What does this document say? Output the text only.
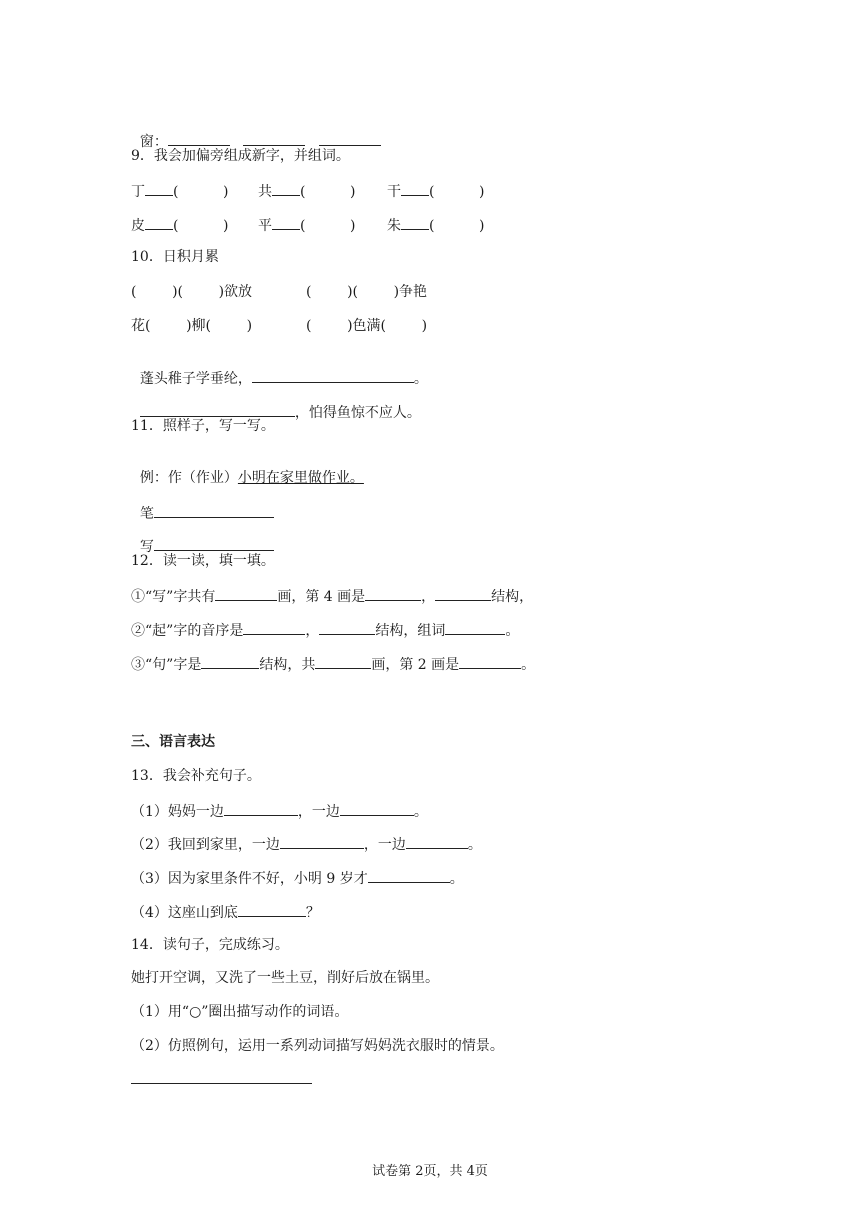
窗：

9．我会加偏旁组成新字，并组词。
丁 (          ) 共 (          ) 干 (          )
皮 (          ) 平 (          ) 朱 (          )
10．日积月累
(        )(        )欲放	(        )(        )争艳
花(        )柳(        )	(        )色满(        )

蓬头稚子学垂纶，	。

，怕得鱼惊不应人。

11．照样子，写一写。

例：作（作业）小明在家里做作业。

笔

写

12．读一读，填一填。
①“写”字共有	画，第 4 画是	，	结构，
②“起”字的音序是	，	结构，组词	。
③“句”字是	结构，共	画，第 2 画是	。
三、语言表达
13．我会补充句子。
（1）妈妈一边	，一边	。
（2）我回到家里，一边	，一边	。
（3）因为家里条件不好，小明 9 岁才	。
（4）这座山到底	？
14．读句子，完成练习。
她打开空调，又洗了一些土豆，削好后放在锅里。
（1）用“○”圈出描写动作的词语。
（2）仿照例句，运用一系列动词描写妈妈洗衣服时的情景。
试卷第 2页，共 4页
